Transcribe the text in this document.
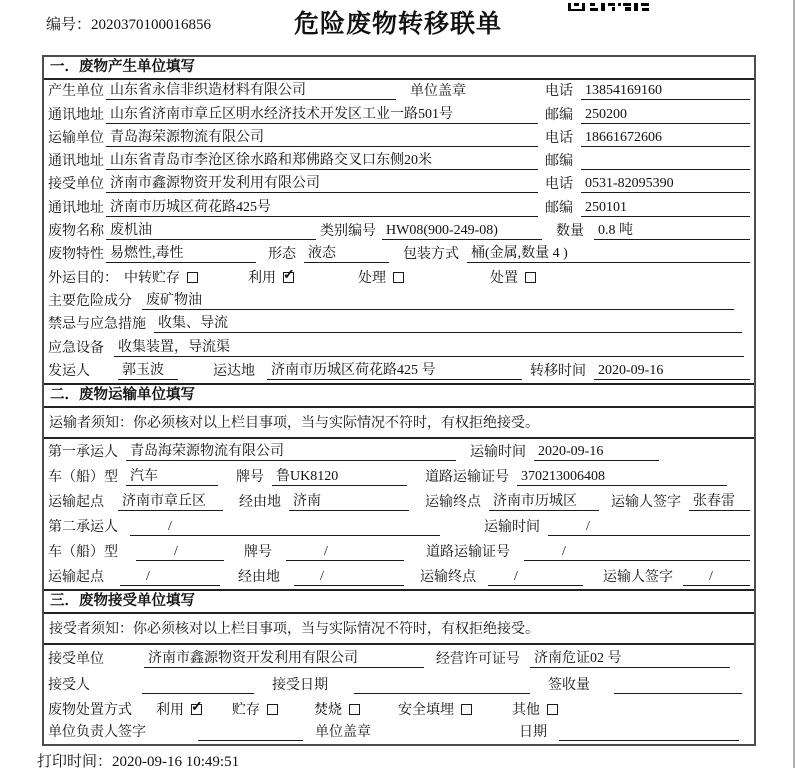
编号：2020370100016856	危险废物转移联单
一．废物产生单位填写
产生单位 山东省永信非织造材料有限公司	单位盖章	电话 13854169160
通讯地址 山东省济南市章丘区明水经济技术开发区工业一路501号	邮编 250200
运输单位 青岛海荣源物流有限公司	电话 18661672606
通讯地址 山东省青岛市李沧区徐水路和郑佛路交叉口东侧20米	邮编
接受单位 济南市鑫源物资开发利用有限公司	电话 0531-82095390
通讯地址 济南市历城区荷花路425号	邮编 250101
废物名称 废机油	类别编号 HW08(900-249-08)	数量 0.8 吨
废物特性 易燃性,毒性	形态 液态	包装方式 桶(金属,数量 4 )
外运目的： 中转贮存	利用 ✓	处理	处置
主要危险成分 废矿物油
禁忌与应急措施 收集、导流
应急设备 收集装置，导流渠
发运人 郭玉波	运达地 济南市历城区荷花路425 号	转移时间 2020-09-16
二．废物运输单位填写
运输者须知：你必须核对以上栏目事项，当与实际情况不符时，有权拒绝接受。
第一承运人 青岛海荣源物流有限公司	运输时间 2020-09-16
车（船）型 汽车	牌号 鲁UK8120	道路运输证号 370213006408
运输起点 济南市章丘区	经由地 济南	运输终点 济南市历城区	运输人签字 张春雷
第二承运人	/	运输时间	/
车（船）型	/	牌号	/	道路运输证号	/
运输起点	/	经由地	/	运输终点	/	运输人签字	/
三．废物接受单位填写
接受者须知：你必须核对以上栏目事项，当与实际情况不符时，有权拒绝接受。
接受单位	济南市鑫源物资开发利用有限公司	经营许可证号 济南危证02 号
接受人	接受日期	签收量
废物处置方式 利用 ✓	贮存	焚烧	安全填埋	其他
单位负责人签字	单位盖章	日期
打印时间：2020-09-16 10:49:51
